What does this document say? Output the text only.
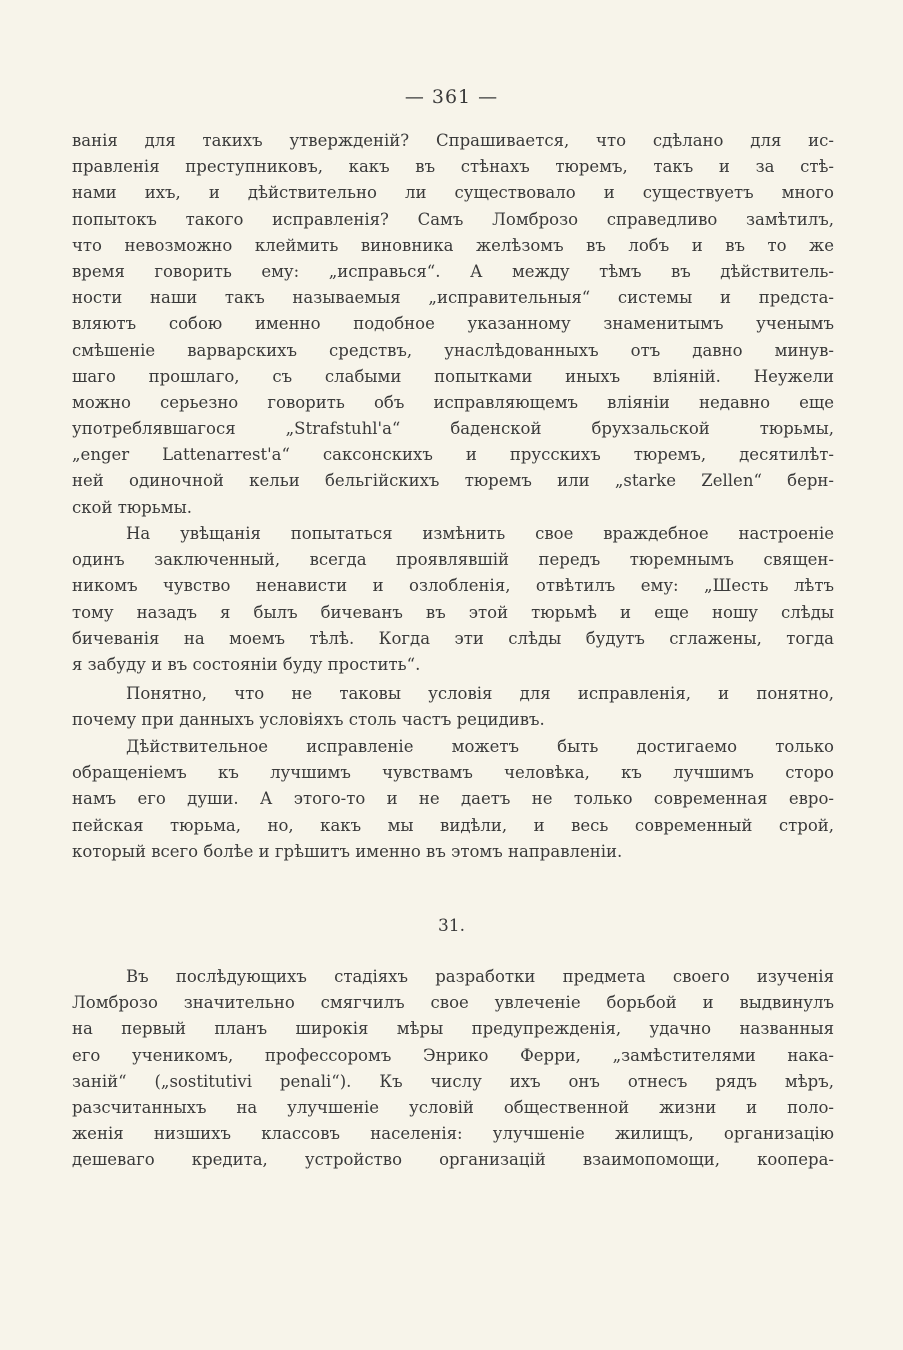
— 361 —
ванія для такихъ утвержденій? Спрашивается, что сдѣлано для ис-
правленія преступниковъ, какъ въ стѣнахъ тюремъ, такъ и за стѣ-
нами ихъ, и дѣйствительно ли существовало и существуетъ много
попытокъ такого исправленія? Самъ Ломброзо справедливо замѣтилъ,
что невозможно клеймить виновника желѣзомъ въ лобъ и въ то же
время говорить ему: „исправься“. А между тѣмъ въ дѣйствитель-
ности наши такъ называемыя „исправительныя“ системы и предста-
вляютъ собою именно подобное указанному знаменитымъ ученымъ
смѣшеніе варварскихъ средствъ, унаслѣдованныхъ отъ давно минув-
шаго прошлаго, съ слабыми попытками иныхъ вліяній. Неужели
можно серьезно говорить объ исправляющемъ вліяніи недавно еще
употреблявшагося „Strafstuhl'a“ баденской брухзальской тюрьмы,
„enger Lattenarrest'a“ саксонскихъ и прусскихъ тюремъ, десятилѣт-
ней одиночной кельи бельгійскихъ тюремъ или „starke Zellen“ берн-
ской тюрьмы.
На увѣщанія попытаться измѣнить свое враждебное настроеніе
одинъ заключенный, всегда проявлявшій передъ тюремнымъ священ-
никомъ чувство ненависти и озлобленія, отвѣтилъ ему: „Шесть лѣтъ
тому назадъ я былъ бичеванъ въ этой тюрьмѣ и еще ношу слѣды
бичеванія на моемъ тѣлѣ. Когда эти слѣды будутъ сглажены, тогда
я забуду и въ состояніи буду простить“.
Понятно, что не таковы условія для исправленія, и понятно,
почему при данныхъ условіяхъ столь частъ рецидивъ.
Дѣйствительное исправленіе можетъ быть достигаемо только
обращеніемъ къ лучшимъ чувствамъ человѣка, къ лучшимъ сторо
намъ его души. А этого-то и не даетъ не только современная евро-
пейская тюрьма, но, какъ мы видѣли, и весь современный строй,
который всего болѣе и грѣшитъ именно въ этомъ направленіи.
31.
Въ послѣдующихъ стадіяхъ разработки предмета своего изученія
Ломброзо значительно смягчилъ свое увлеченіе борьбой и выдвинулъ
на первый планъ широкія мѣры предупрежденія, удачно названныя
его ученикомъ, профессоромъ Энрико Ферри, „замѣстителями нака-
заній“ („sostitutivi penali“). Къ числу ихъ онъ отнесъ рядъ мѣръ,
разсчитанныхъ на улучшеніе условій общественной жизни и поло-
женія низшихъ классовъ населенія: улучшеніе жилищъ, организацію
дешеваго кредита, устройство организацій взаимопомощи, коопера-
